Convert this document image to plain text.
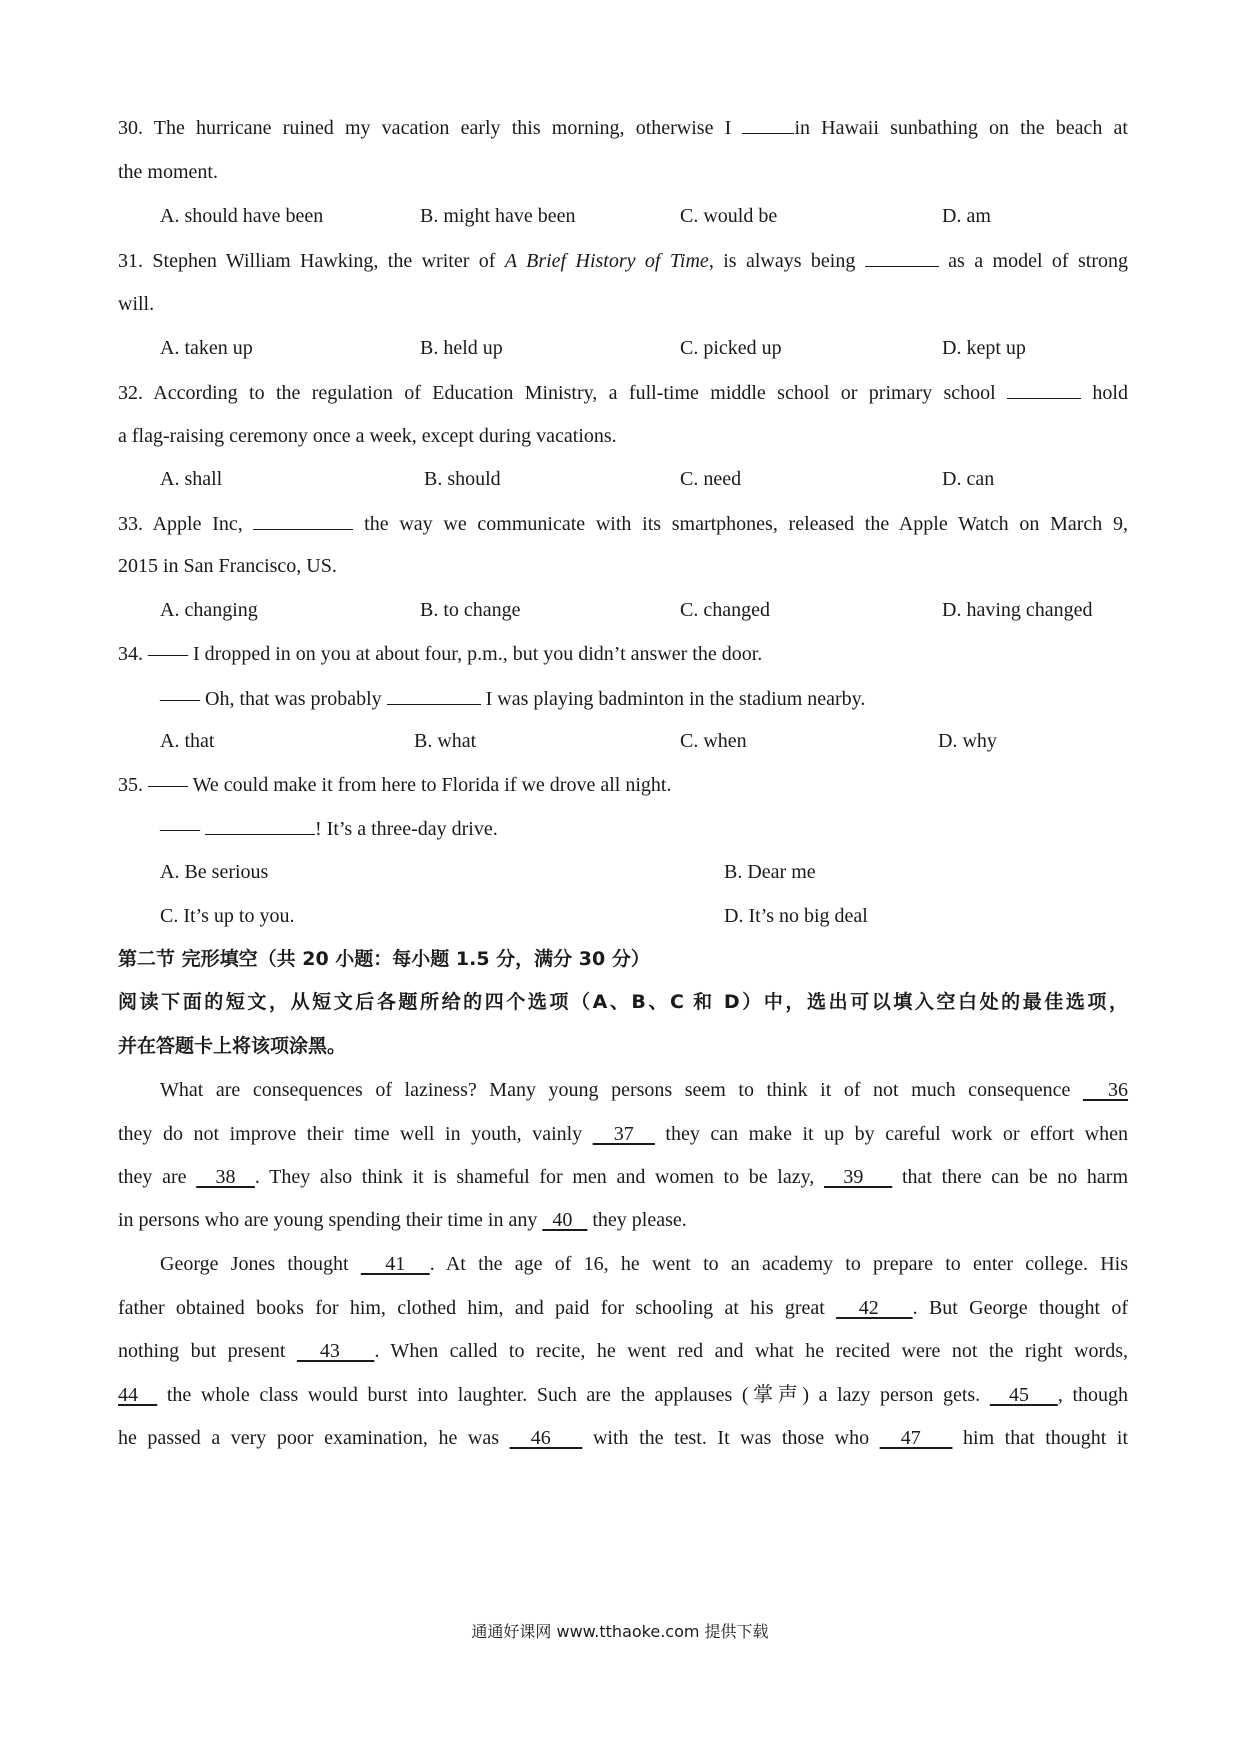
30. The hurricane ruined my vacation early this morning, otherwise I	in Hawaii sunbathing on the beach at
the moment.
A. should have been	B. might have been	C. would be	D. am
31. Stephen William Hawking, the writer of A Brief History of Time, is always being	as a model of strong
will.
A. taken up	B. held up	C. picked up	D. kept up
32. According to the regulation of Education Ministry, a full-time middle school or primary school	hold
a flag-raising ceremony once a week, except during vacations.
A. shall	B. should	C. need	D. can
33. Apple Inc,	the way we communicate with its smartphones, released the Apple Watch on March 9,
2015 in San Francisco, US.
A. changing	B. to change	C. changed	D. having changed
34. —— I dropped in on you at about four, p.m., but you didn’t answer the door.
—— Oh, that was probably	I was playing badminton in the stadium nearby.
A. that	B. what	C. when	D. why
35. —— We could make it from here to Florida if we drove all night.
——	! It’s a three-day drive.
A. Be serious	B. Dear me
C. It’s up to you.	D. It’s no big deal
第二节 完形填空（共 20 小题：每小题 1.5 分，满分 30 分）
阅读下面的短文，从短文后各题所给的四个选项（A、B、C 和 D）中，选出可以填入空白处的最佳选项，
并在答题卡上将该项涂黑。
What are consequences of laziness? Many young persons seem to think it of not much consequence   36
they do not improve their time well in youth, vainly   37   they can make it up by careful work or effort when
they are   38  . They also think it is shameful for men and women to be lazy,   39    that there can be no harm
in persons who are young spending their time in any   40    they please.
George Jones thought   41  . At the age of 16, he went to an academy to prepare to enter college. His
father obtained books for him, clothed him, and paid for schooling at his great   42   . But George thought of
nothing but present   43   . When called to recite, he went red and what he recited were not the right words,
44   the whole class would burst into laughter. Such are the applauses (掌声) a lazy person gets.   45   , though
he passed a very poor examination, he was   46    with the test. It was those who   47    him that thought it
通通好课网 www.tthaoke.com 提供下载
